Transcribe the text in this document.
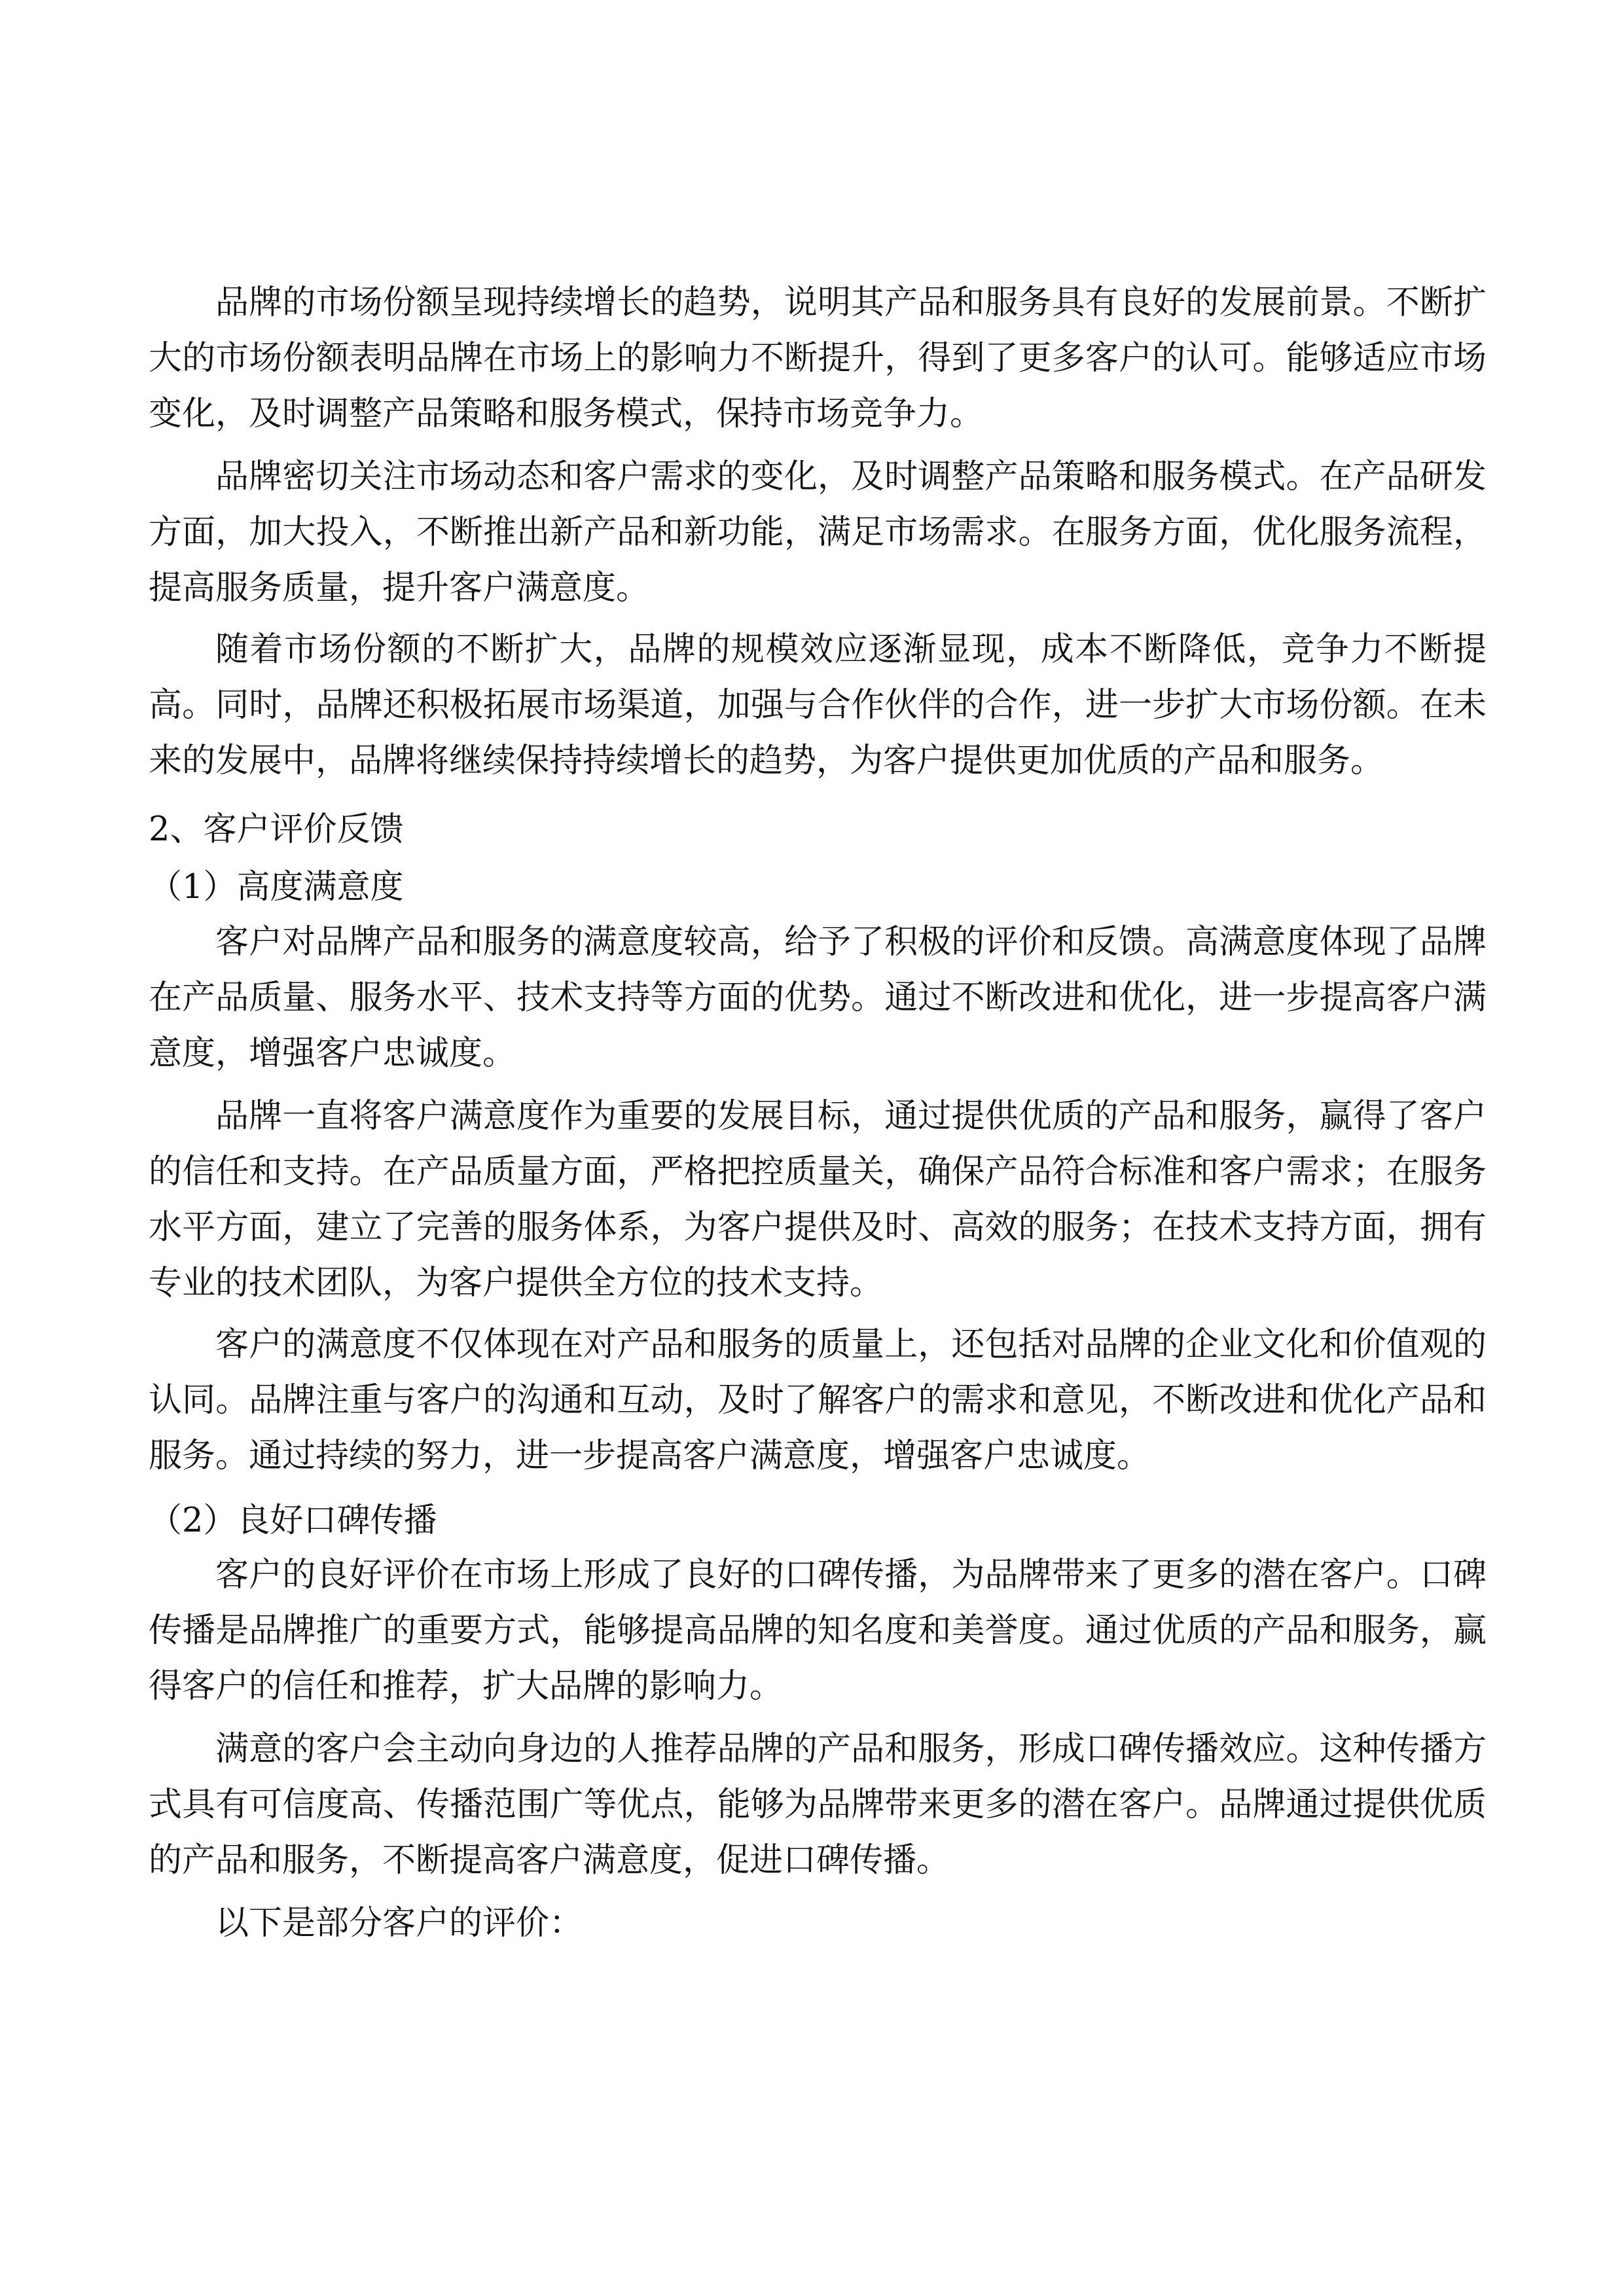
品牌的市场份额呈现持续增长的趋势，说明其产品和服务具有良好的发展前景。不断扩
大的市场份额表明品牌在市场上的影响力不断提升，得到了更多客户的认可。能够适应市场
变化，及时调整产品策略和服务模式，保持市场竞争力。
品牌密切关注市场动态和客户需求的变化，及时调整产品策略和服务模式。在产品研发
方面，加大投入，不断推出新产品和新功能，满足市场需求。在服务方面，优化服务流程，
提高服务质量，提升客户满意度。
随着市场份额的不断扩大，品牌的规模效应逐渐显现，成本不断降低，竞争力不断提
高。同时，品牌还积极拓展市场渠道，加强与合作伙伴的合作，进一步扩大市场份额。在未
来的发展中，品牌将继续保持持续增长的趋势，为客户提供更加优质的产品和服务。
2、客户评价反馈
（1）高度满意度
客户对品牌产品和服务的满意度较高，给予了积极的评价和反馈。高满意度体现了品牌
在产品质量、服务水平、技术支持等方面的优势。通过不断改进和优化，进一步提高客户满
意度，增强客户忠诚度。
品牌一直将客户满意度作为重要的发展目标，通过提供优质的产品和服务，赢得了客户
的信任和支持。在产品质量方面，严格把控质量关，确保产品符合标准和客户需求；在服务
水平方面，建立了完善的服务体系，为客户提供及时、高效的服务；在技术支持方面，拥有
专业的技术团队，为客户提供全方位的技术支持。
客户的满意度不仅体现在对产品和服务的质量上，还包括对品牌的企业文化和价值观的
认同。品牌注重与客户的沟通和互动，及时了解客户的需求和意见，不断改进和优化产品和
服务。通过持续的努力，进一步提高客户满意度，增强客户忠诚度。
（2）良好口碑传播
客户的良好评价在市场上形成了良好的口碑传播，为品牌带来了更多的潜在客户。口碑
传播是品牌推广的重要方式，能够提高品牌的知名度和美誉度。通过优质的产品和服务，赢
得客户的信任和推荐，扩大品牌的影响力。
满意的客户会主动向身边的人推荐品牌的产品和服务，形成口碑传播效应。这种传播方
式具有可信度高、传播范围广等优点，能够为品牌带来更多的潜在客户。品牌通过提供优质
的产品和服务，不断提高客户满意度，促进口碑传播。
以下是部分客户的评价：
